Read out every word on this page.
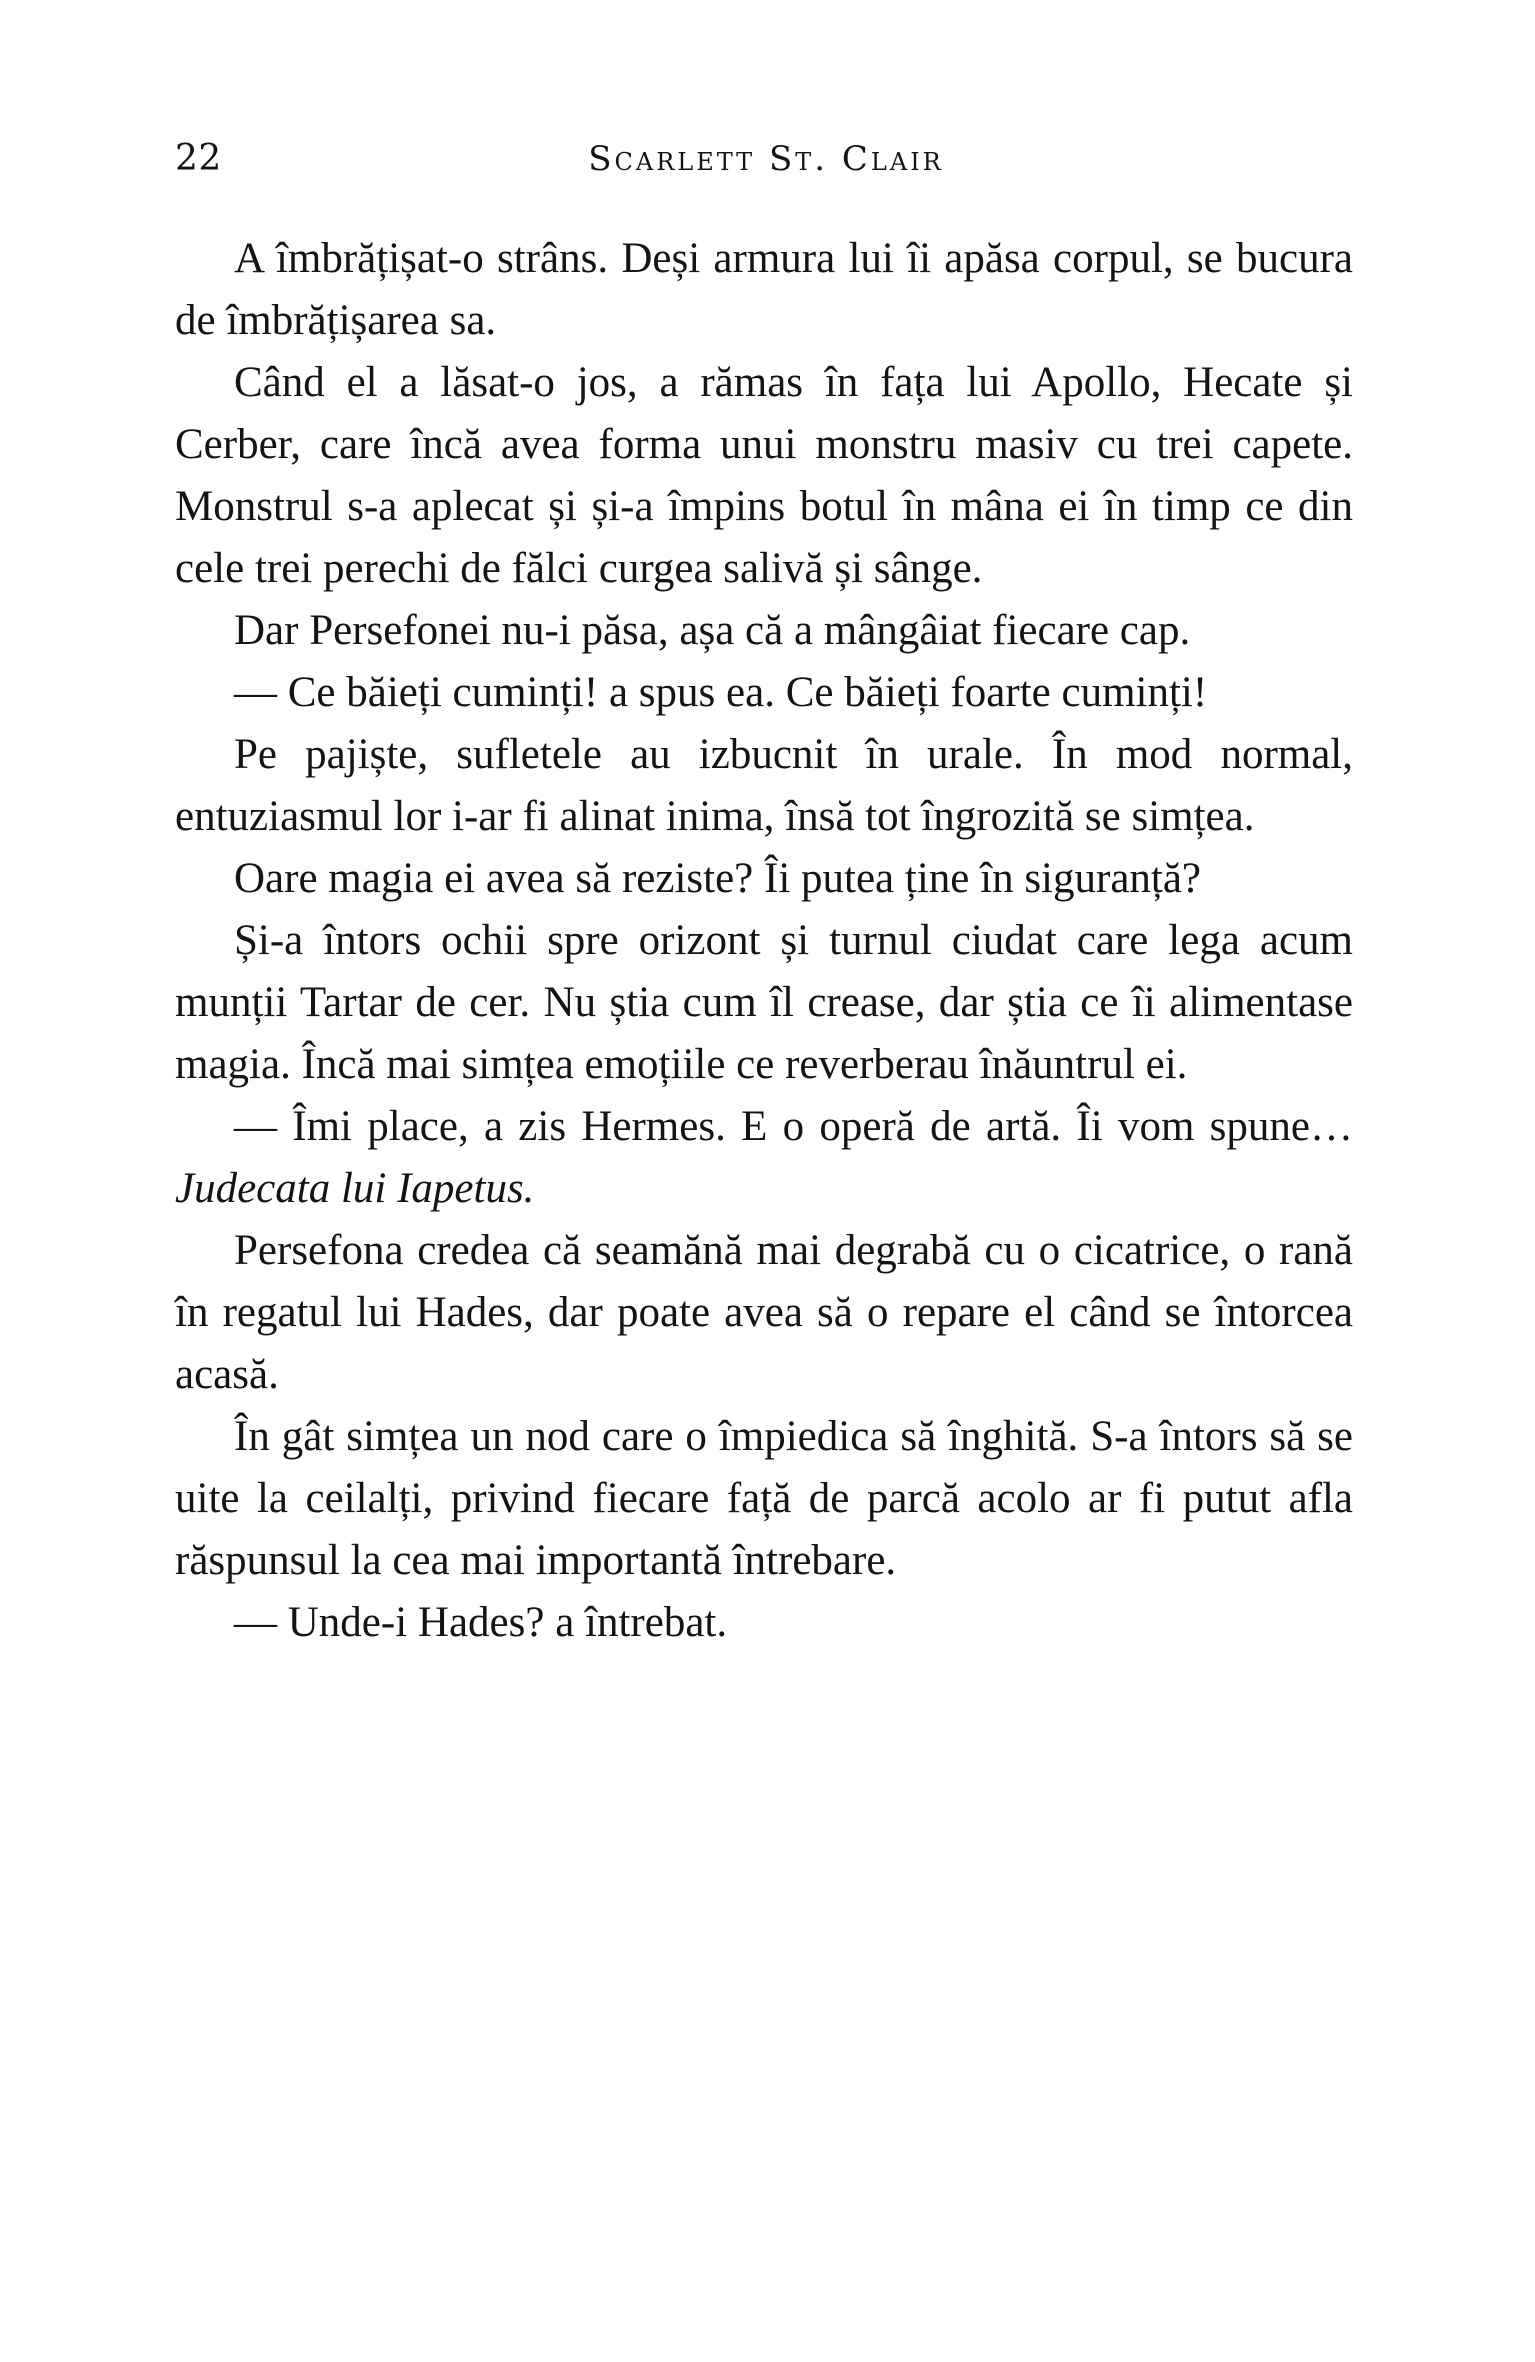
22	Scarlett St. Clair

A îmbrățișat-o strâns. Deși armura lui îi apăsa corpul, se bucura de îmbrățișarea sa.

Când el a lăsat-o jos, a rămas în fața lui Apollo, Hecate și Cerber, care încă avea forma unui monstru masiv cu trei capete. Monstrul s-a aplecat și și-a împins botul în mâna ei în timp ce din cele trei perechi de fălci curgea salivă și sânge.

Dar Persefonei nu-i păsa, așa că a mângâiat fiecare cap.

— Ce băieți cuminți! a spus ea. Ce băieți foarte cuminți!

Pe pajiște, sufletele au izbucnit în urale. În mod normal, entuziasmul lor i-ar fi alinat inima, însă tot îngrozită se simțea.

Oare magia ei avea să reziste? Îi putea ține în siguranță?

Și-a întors ochii spre orizont și turnul ciudat care lega acum munții Tartar de cer. Nu știa cum îl crease, dar știa ce îi alimentase magia. Încă mai simțea emoțiile ce reverberau înăuntrul ei.

— Îmi place, a zis Hermes. E o operă de artă. Îi vom spune… Judecata lui Iapetus.

Persefona credea că seamănă mai degrabă cu o cicatrice, o rană în regatul lui Hades, dar poate avea să o repare el când se întorcea acasă.

În gât simțea un nod care o împiedica să înghită. S-a întors să se uite la ceilalți, privind fiecare față de parcă acolo ar fi putut afla răspunsul la cea mai importantă întrebare.

— Unde-i Hades? a întrebat.
